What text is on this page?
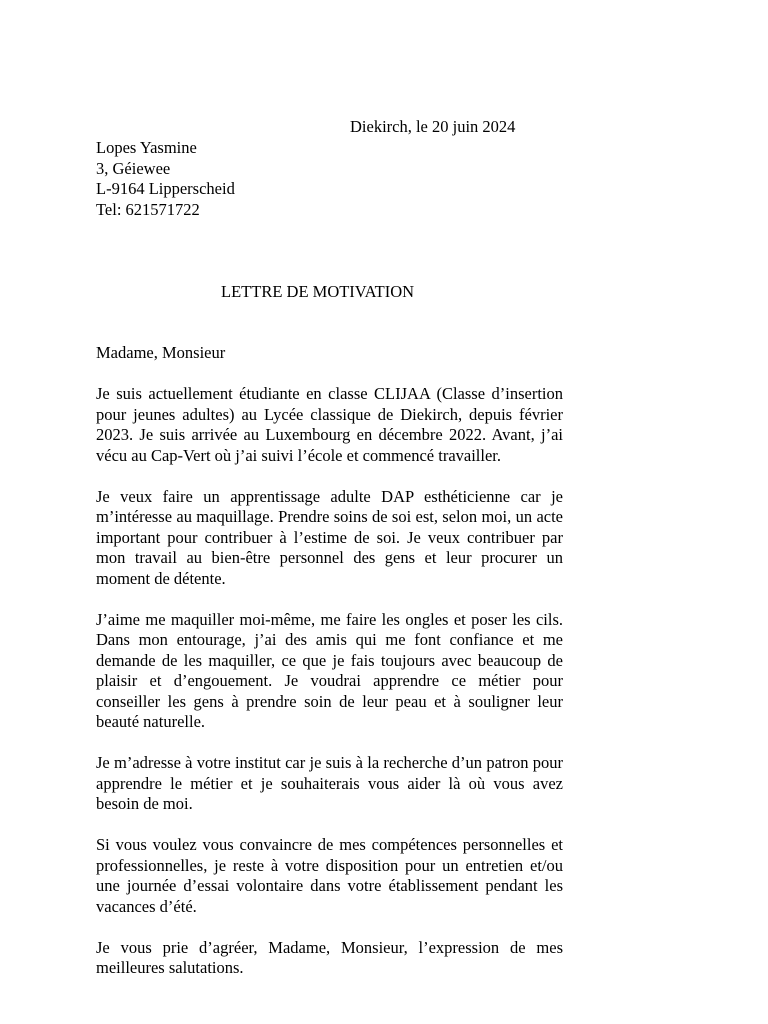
Diekirch, le 20 juin 2024
Lopes Yasmine
3, Géiewee
L-9164 Lipperscheid
Tel: 621571722
LETTRE DE MOTIVATION
Madame, Monsieur

Je suis actuellement étudiante en classe CLIJAA (Classe d’insertion pour jeunes adultes) au Lycée classique de Diekirch, depuis février 2023. Je suis arrivée au Luxembourg en décembre 2022. Avant, j’ai vécu au Cap-Vert où j’ai suivi l’école et commencé travailler.

Je veux faire un apprentissage adulte DAP esthéticienne car je m’intéresse au maquillage. Prendre soins de soi est, selon moi, un acte important pour contribuer à l’estime de soi. Je veux contribuer par mon travail au bien-être personnel des gens et leur procurer un moment de détente.

J’aime me maquiller moi-même, me faire les ongles et poser les cils. Dans mon entourage, j’ai des amis qui me font confiance et me demande de les maquiller, ce que je fais toujours avec beaucoup de plaisir et d’engouement. Je voudrai apprendre ce métier pour conseiller les gens à prendre soin de leur peau et à souligner leur beauté naturelle.

Je m’adresse à votre institut car je suis à la recherche d’un patron pour apprendre le métier et je souhaiterais vous aider là où vous avez besoin de moi.

Si vous voulez vous convaincre de mes compétences personnelles et professionnelles, je reste à votre disposition pour un entretien et/ou une journée d’essai volontaire dans votre établissement pendant les vacances d’été.

Je vous prie d’agréer, Madame, Monsieur, l’expression de mes meilleures salutations.
